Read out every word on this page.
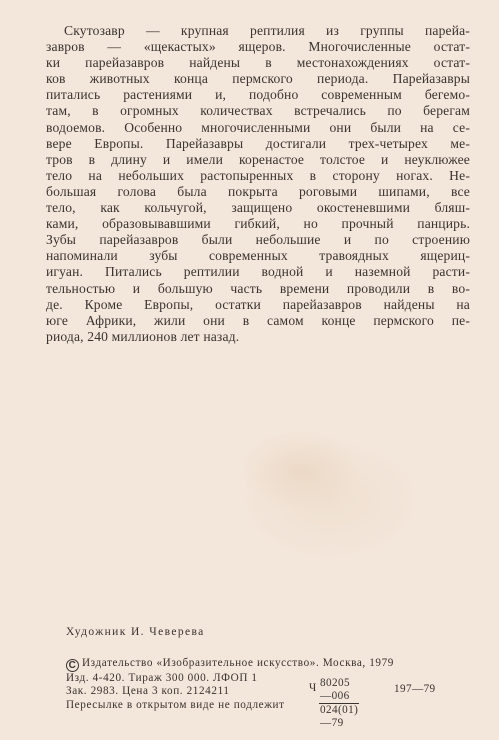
Скутозавр — крупная рептилия из группы парейа-
завров — «щекастых» ящеров. Многочисленные остат-
ки парейазавров найдены в местонахождениях остат-
ков животных конца пермского периода. Парейазавры
питались растениями и, подобно современным бегемо-
там, в огромных количествах встречались по берегам
водоемов. Особенно многочисленными они были на се-
вере Европы. Парейазавры достигали трех-четырех ме-
тров в длину и имели коренастое толстое и неуклюжее
тело на небольших растопыренных в сторону ногах. Не-
большая голова была покрыта роговыми шипами, все
тело, как кольчугой, защищено окостеневшими бляш-
ками, образовывавшими гибкий, но прочный панцирь.
Зубы парейазавров были небольшие и по строению
напоминали зубы современных травоядных ящериц-
игуан. Питались рептилии водной и наземной расти-
тельностью и большую часть времени проводили в во-
де. Кроме Европы, остатки парейазавров найдены на
юге Африки, жили они в самом конце пермского пе-
риода, 240 миллионов лет назад.
Художник И. Чеверева
C Издательство «Изобразительное искусство». Москва, 1979
Изд. 4-420. Тираж 300 000. ЛФОП 1
Зак. 2983. Цена 3 коп. 2124211
Пересылке в открытом виде не подлежит
Ч $\frac{80205—006}{024(01)—79}$	197—79
